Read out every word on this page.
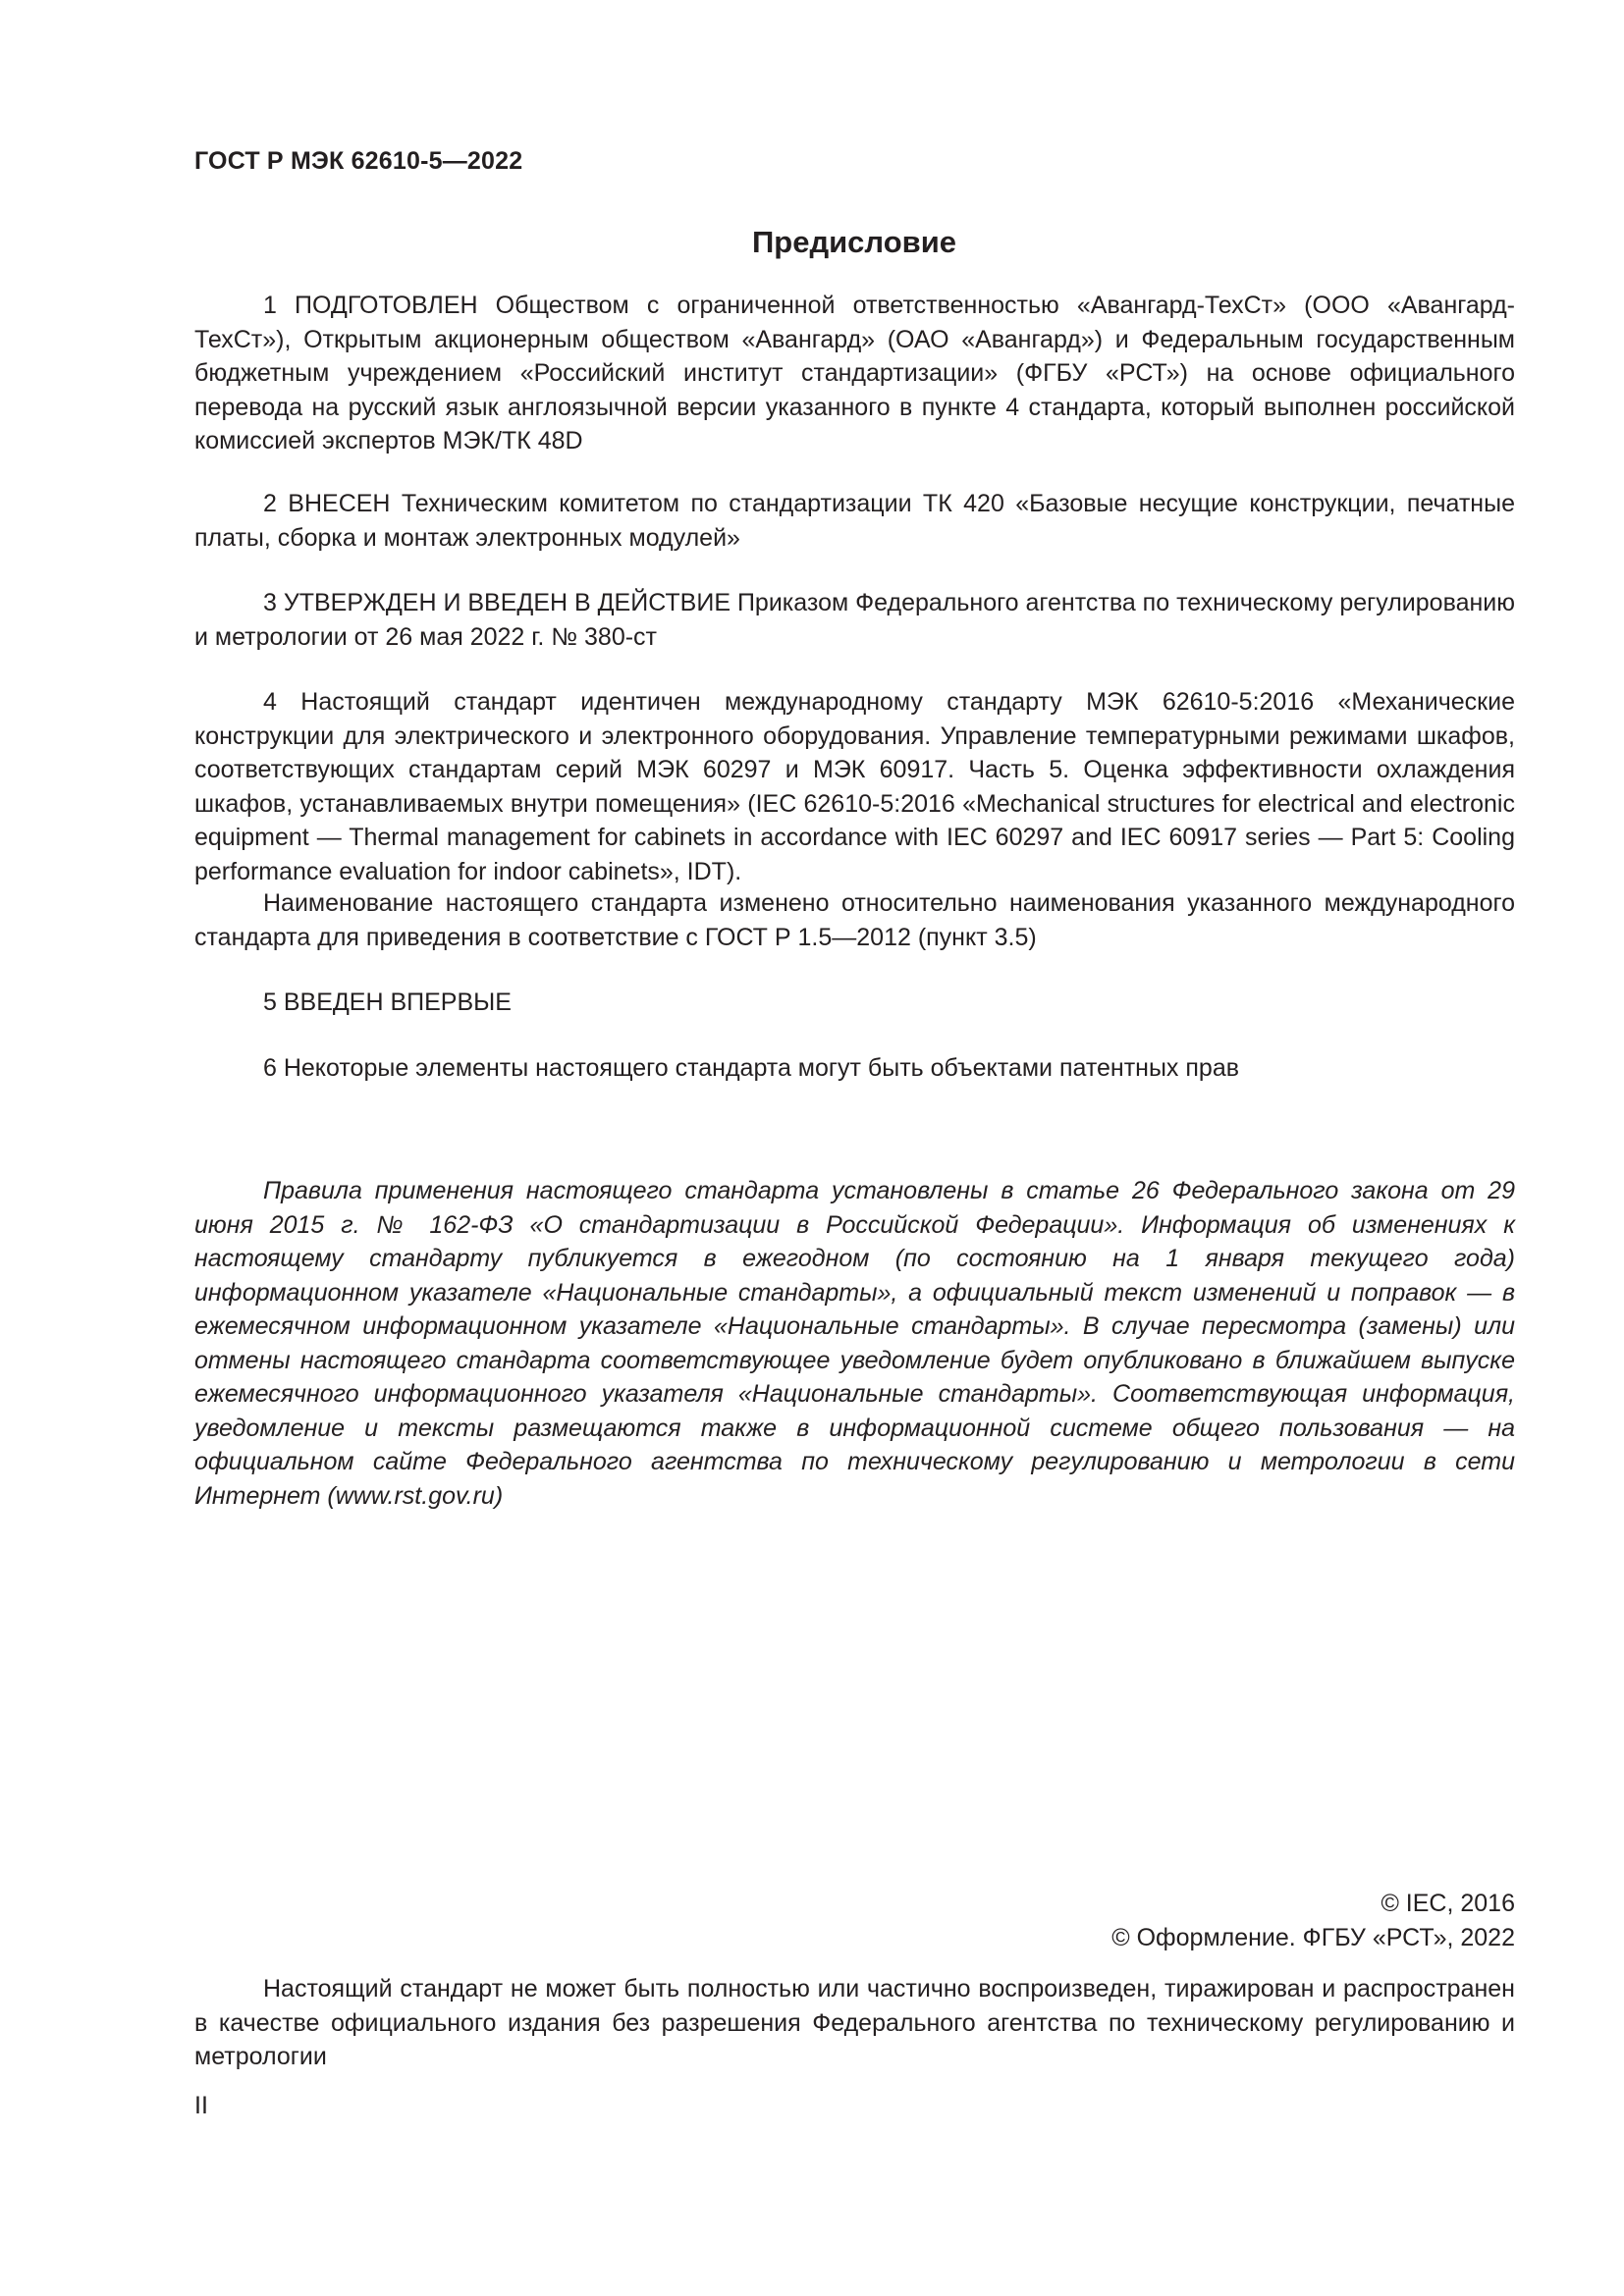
ГОСТ Р МЭК 62610-5—2022
Предисловие

1 ПОДГОТОВЛЕН Обществом с ограниченной ответственностью «Авангард-ТехСт» (ООО «Авангард-ТехСт»), Открытым акционерным обществом «Авангард» (ОАО «Авангард») и Федеральным государственным бюджетным учреждением «Российский институт стандартизации» (ФГБУ «РСТ») на основе официального перевода на русский язык англоязычной версии указанного в пункте 4 стандарта, который выполнен российской комиссией экспертов МЭК/ТК 48D

2 ВНЕСЕН Техническим комитетом по стандартизации ТК 420 «Базовые несущие конструкции, печатные платы, сборка и монтаж электронных модулей»

3 УТВЕРЖДЕН И ВВЕДЕН В ДЕЙСТВИЕ Приказом Федерального агентства по техническому регулированию и метрологии от 26 мая 2022 г. № 380-ст

4 Настоящий стандарт идентичен международному стандарту МЭК 62610-5:2016 «Механические конструкции для электрического и электронного оборудования. Управление температурными режимами шкафов, соответствующих стандартам серий МЭК 60297 и МЭК 60917. Часть 5. Оценка эффективности охлаждения шкафов, устанавливаемых внутри помещения» (IEC 62610-5:2016 «Mechanical structures for electrical and electronic equipment — Thermal management for cabinets in accordance with IEC 60297 and IEC 60917 series — Part 5: Cooling performance evaluation for indoor cabinets», IDT).

Наименование настоящего стандарта изменено относительно наименования указанного международного стандарта для приведения в соответствие с ГОСТ Р 1.5—2012 (пункт 3.5)

5 ВВЕДЕН ВПЕРВЫЕ

6 Некоторые элементы настоящего стандарта могут быть объектами патентных прав

Правила применения настоящего стандарта установлены в статье 26 Федерального закона от 29 июня 2015 г. № 162-ФЗ «О стандартизации в Российской Федерации». Информация об изменениях к настоящему стандарту публикуется в ежегодном (по состоянию на 1 января текущего года) информационном указателе «Национальные стандарты», а официальный текст изменений и поправок — в ежемесячном информационном указателе «Национальные стандарты». В случае пересмотра (замены) или отмены настоящего стандарта соответствующее уведомление будет опубликовано в ближайшем выпуске ежемесячного информационного указателя «Национальные стандарты». Соответствующая информация, уведомление и тексты размещаются также в информационной системе общего пользования — на официальном сайте Федерального агентства по техническому регулированию и метрологии в сети Интернет (www.rst.gov.ru)

© IEC, 2016
© Оформление. ФГБУ «РСТ», 2022

Настоящий стандарт не может быть полностью или частично воспроизведен, тиражирован и распространен в качестве официального издания без разрешения Федерального агентства по техническому регулированию и метрологии

II
